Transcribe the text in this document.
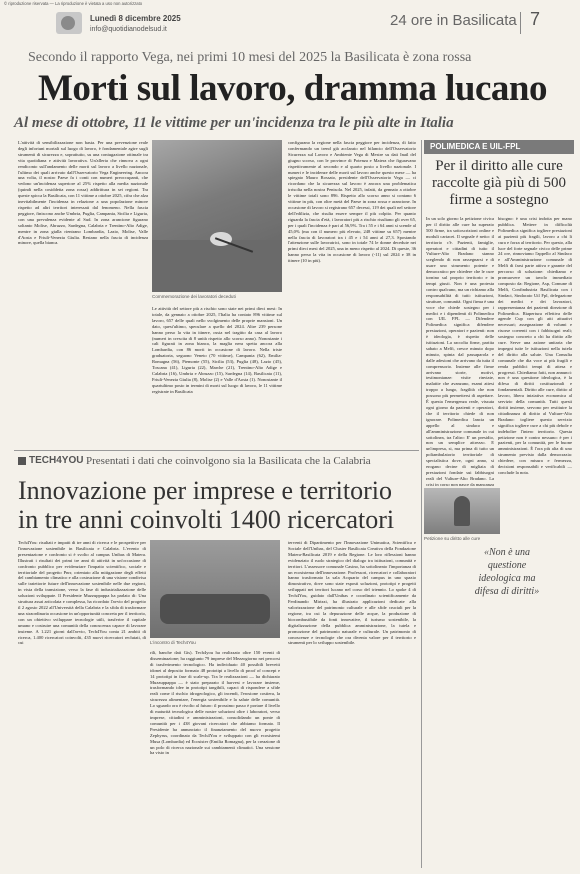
© riproduzione riservata — La riproduzione è vietata a uso non autorizzato
Lunedì 8 dicembre 2025
info@quotidianodelsud.it
24 ore in Basilicata 7
Secondo il rapporto Vega, nei primi 10 mesi del 2025 la Basilicata è zona rossa
Morti sul lavoro, dramma lucano
Al mese di ottobre, 11 le vittime per un'incidenza tra le più alte in Italia
L'attività di sensibilizzazione non basta. Per una prevenzione reale degli infortuni mortali sul luogo di lavoro, è fondamentale agire sugli strumenti di sicurezza e, soprattutto, su una coniugazione ottimale tra vita quotidiana e attività lavorativa. Un'allerta che rinnova a ogni rendiconto sull'andamento delle morti sul lavoro a livello nazionale, l'ultimo dei quali arrivato dall'Osservatorio Vega Engineering. Ancora una volta, il nostro Paese fa i conti con numeri preoccupanti, che vedono un'incidenza superiore al 25% rispetto alla media nazionale (quindi nella cosiddetta zona rossa) addirittura in sei regioni. Tra queste spicca la Basilicata, con 11 vittime a ottobre 2025, cifra che alza inevitabilmente l'incidenza in relazione a una popolazione minore rispetto ad altri territori interessati dal fenomeno. Nella fascia peggiore, finiscono anche Umbria, Puglia, Campania, Sicilia e Liguria, con una prevalenza evidente al Sud. In zona arancione figurano soltanto Molise, Abruzzo, Sardegna, Calabria e Trentino-Alto Adige, mentre in zona gialla rientrano Lombardia, Lazio, Molise, Valle d'Aosta e Friuli-Venezia Giulia. Restano nella fascia di incidenza minore, quella bianca.
Commemorazione dei lavoratori deceduti
Le attività del settore più a rischio sono state nei primi dieci mesi: In totale, da gennaio a ottobre 2025, l'Italia ha contato 896 vittime sul lavoro, 657 delle quali nello svolgimento delle proprie mansioni. Un dato, quest'ultimo, speculare a quello del 2024. Altre 239 persone hanno perso la vita in itinere, ossia nel tragitto da casa al lavoro (numeri in crescita di 8 unità rispetto allo scorso anno). Nonostante i cali figurati in zona bianca, la maglia nera spetta ancora alla Lombardia, con 86 morti in occasione di lavoro. Nella triste graduatoria, seguono Veneto (70 vittime), Campania (62), Emilia-Romagna (56), Piemonte (55), Sicilia (53), Puglia (48), Lazio (45), Toscana (41), Liguria (22), Marche (21), Trentino-Alto Adige e Calabria (16), Umbria e Abruzzo (15), Sardegna (14), Basilicata (11), Friuli-Venezia Giulia (8), Molise (2) e Valle d'Aosta (1). Nonostante il quartultimo posto in termini di morti sul luogo di lavoro, le 11 vittime registrate in Basilicata
configurano la regione nella fascia peggiore per incidenza, di fatto confermando un trend già acclarato nel bilancio dell'Osservatorio Sicurezza sul Lavoro e Ambiente Vega di Mestre su dati Inail del giugno scorso, con le province di Potenza e Matera che figuravano rispettivamente al secondo e al quarto posto a livello nazionale. I numeri e le incidenze delle morti sul lavoro anche questo mese — ha spiegato Mauro Rossato, presidente dell'Osservatorio Vega — ci ricordano che la sicurezza sul lavoro è ancora una problematica irrisolta nella nostra Penisola. Nel 2025, infatti, da gennaio a ottobre le vittime totali sono 896. Rispetto allo scorso anno si contano 6 vittime in più, con oltre metà del Paese in zona rossa e arancione. In occasione di lavoro si registrano 657 decessi, 119 dei quali nel settore dell'edilizia, che risulta essere sempre il più colpito. Per quanto riguarda la fascia d'età, i lavoratori più a rischio risultano gli over 65, per i quali l'incidenza è pari al 56,9%. Tra i 55 e i 64 anni si scende al 45,0% (ma con il numero più elevato, 248 vittime su 657) mentre nella fascia di lavoratori tra i 45 e i 54 anni al 27,3. Spostando l'attenzione sulle lavoratrici, sono in totale 74 le donne decedute nei primi dieci mesi del 2025, una in meno rispetto al 2024. Di queste, 36 hanno perso la vita in occasione di lavoro (-11) sul 2024 e 38 in itinere (10 in più).
POLIMEDICA E UIL-FPL
Per il diritto alle cure raccolte già più di 500 firme a sostegno
In un solo giorno la petizione civica per il diritto alle cure ha superato 500 firme, tra sottoscrizioni online e moduli cartacei. Il segnale è netto: il territorio c'è. Pazienti, famiglie, operatori e cittadini di tutto il Vulture-Alto Bradano stanno sceglendo di non rassegnarsi e di usare uno strumento potente e democratico per chiedere che le cure tornino sul proprio territorio e in tempi giusti. Non è una protesta contro qualcuno, ma un richiamo alla responsabilità di tutti: istituzioni, strutture, comunità. Ogni firma è una voce che chiede sostegno per i medici e i dipendenti di Polimedica con UIL FPL — Difendere Polimedica significa difendere prestazioni, operatori e pazienti: non è ideologia, è rispetto delle istituzioni. La raccolta firme, partita sabato a Melfi, cresce minuto dopo minuto, spinta dal passaparola e dalle adesioni che arrivano da tutta il comprensorio. Insieme alle firme arrivano storie, motivi, testimonianze: visite rinviate, malattie che avanzano, esami attesi troppo a lungo, fragilità che non possono più permettersi di aspettare. È questa l'emergenza reale, vissuta ogni giorno da pazienti e operatori, che il territorio chiede di non ignorare. Polimedica lancia un appello al sindaco e all'amministrazione comunale in cui sottolinea, tra l'altro: E' un presidio, non un semplice attrezzo. E un'impresa, si, ma prima di tutto un poliambulatorio territoriale di specialistica dove, ogni anno, si erogano decine di migliaia di prestazioni fondate sui fabbisogni reali del Vulture-Alto Bradano. La crisi in corso non nasce da mancanza
bisogno: è una crisi indotta per mano pubblica. Mettere in difficoltà Polimedica significa togliere prestazioni ai pazienti più fragili, lavoro a chi li cura e forza al territorio. Per questo, alla luce del forte segnale civico delle prime 24 ore, rinnoviamo l'appello al Sindaco e all'Amministrazione comunale di Melfi di farsi parte attiva e garante del percorso di soluzione: chiediamo e promuovere un tavolo immediato composto da: Regione, Asp, Comune di Melfi, Confindustria Basilicata con i Sindaci, Sindacato Uil Fpl, delegazione dei medici e dei lavoratori, rappresentanza dei pazienti direzione di Polimedica. Riapertura effettiva delle agende Cup con gli atti attuativi necessari; assegnazione di volumi e risorse coerenti con i fabbisogni reali; sostegno concreto a chi ha diritto alle cure. Serve una azione unitaria che impegni tutte le istituzioni nella tutela del diritto alla salute. Una Consulta comunale che dia voce ai più fragili e renda pubblici tempi di attesa e progressi. Chiediamo fatti, non annunci: non è una questione ideologica, è la difesa di diritti costituzionali e fondamentali. Diritto alle cure, diritto al lavoro, libera iniziativa economica al servizio della comunità. Tutti questi diritti insieme, servono per restituire la cittadinanza di diritto al Vulture-Alto Bradano: togliere questo servizio significa togliere cure a chi più debole e indebolire l'intero territorio. Questa petizione non è contro nessuno: è per i pazienti, per la comunità, per le buone amministrazioni. È l'ora più alta di uno strumento previsto dalla democrazia: chiedere, con misura e fermezza, decisioni responsabili e verificabili — conclude la nota.
Petizione su diritto alle cure
«Non è una questione ideologica ma difesa di diritti»
TECH4YOU Presentati i dati che coinvolgono sia la Basilicata che la Calabria
Innovazione per imprese e territorio in tre anni coinvolti 1400 ricercatori
Tech4You: risultati e impatti di tre anni di ricerca e le prospettive per l'innovazione sostenibile in Basilicata e Calabria. L'evento di presentazione e confronto si è svolto al campus Unibas di Matera. Illustrati i risultati dei primi tre anni di attività in un'occasione di confronto pubblico per evidenziare l'impatto scientifico, sociale e territoriale del progetto Pnrr, orientato alla mitigazione degli effetti del cambiamento climatico e alla costruzione di una visione condivisa sulle traiettorie future dell'innovazione sostenibile nelle due regioni, in vista della transizione, verso la fase di industrializzazione delle soluzioni sviluppate. Il Presidente Muzzuppappa ha parlato di: Una struttura assai articolata e complessa, ha ricordato l'avvio del progetto il 2 agosto 2022 all'Università della Calabria e la sfida di trasformare una straordinaria occasione in un'opportunità concreta per il territorio, con un obiettivo sviluppare tecnologie utili, trasferire il capitale umano e costruire una comunità della conoscenza capace di lavorare insieme. A 1.221 giorni dall'avvio, Tech4You conta 21 ambiti di ricerca, 1.400 ricercatori coinvolti, 435 nuovi ricercatori reclutati, di cui	L'incontro di Tech4You
rili, banche dati Gis). Tech4you ha realizzato oltre 150 eventi di disseminazione; ha raggiunto 79 imprese del Mezzogiorno nei percorsi di trasferimento tecnologico. Ha individuato 40 possibili brevetti idonei al deposito formato 48 prototipi a livello di proof of concept e 14 prototipi in fase di scale-up. Tra le realizzazioni — ha dichiarato Muzzuppappa — è stato preparato il harvest e lavorare insieme, trasformando idee in prototipi tangibili, capaci di rispondere a sfide reali come il rischio idrogeologico, gli incendi, l'erosione costiera, la sicurezza alimentare, l'energia sostenibile e la salute delle comunità. Lo sguardo ora è rivolto al futuro: il prossimo passo è portare il livello di maturità tecnologica delle nostre soluzioni oltre i laboratori, verso imprese, cittadini e amministrazioni, consolidando un ponte di comunità per i 438 giovani ricercatori che abbiamo formato. Il Presidente ha annunciato il finanziamento del nuovo progetto Zephyrus, coordinato da Tech4You e sviluppato con gli ecosistemi Musa (Lombardia) ed Ecosister (Emilia Romagna), per la creazione di un polo di ricerca nazionale sui cambiamenti climatici. Una sessione ha visto in
terventi di Dipartimento per l'Innovazione Unimatica, Scientifica e Sociale dell'Unibas, del Cluster Basilicata Creativa della Fondazione Matera-Basilicata 2019 e della Regione. Le loro riflessioni hanno evidenziato il ruolo strategico del dialogo tra istituzioni, comunità e territori. L'assessore comunale Casino, ha sottolineato l'importanza di un ecosistema dell'innovazione. Professori, ricercatori e collaboratori hanno trasformato la sala Acquario del campus in uno spazio dimostrativo, dove sono state esposti soluzioni, prototipi e progetti sviluppati nei territori lucano nel corso del triennio. Lo spoke 4 di Tech4You, guidato dall'Unibas e coordinato scientificamente da Ferdinando Mirizzi, ha illustrato applicazioni dedicate alla valorizzazione del patrimonio culturale e alle sfide cruciali per la regione, tra cui la depurazione delle acque, la produzione di biocombustibile da fonti innovative, il turismo sostenibile, la digitalizzazione della pubblica amministrazione, la tutela e promozione del patrimonio naturale e culturale. Un patrimonio di conoscenze e tecnologie che ora diventa valore per il territorio e strumenti per lo sviluppo sostenibile.
